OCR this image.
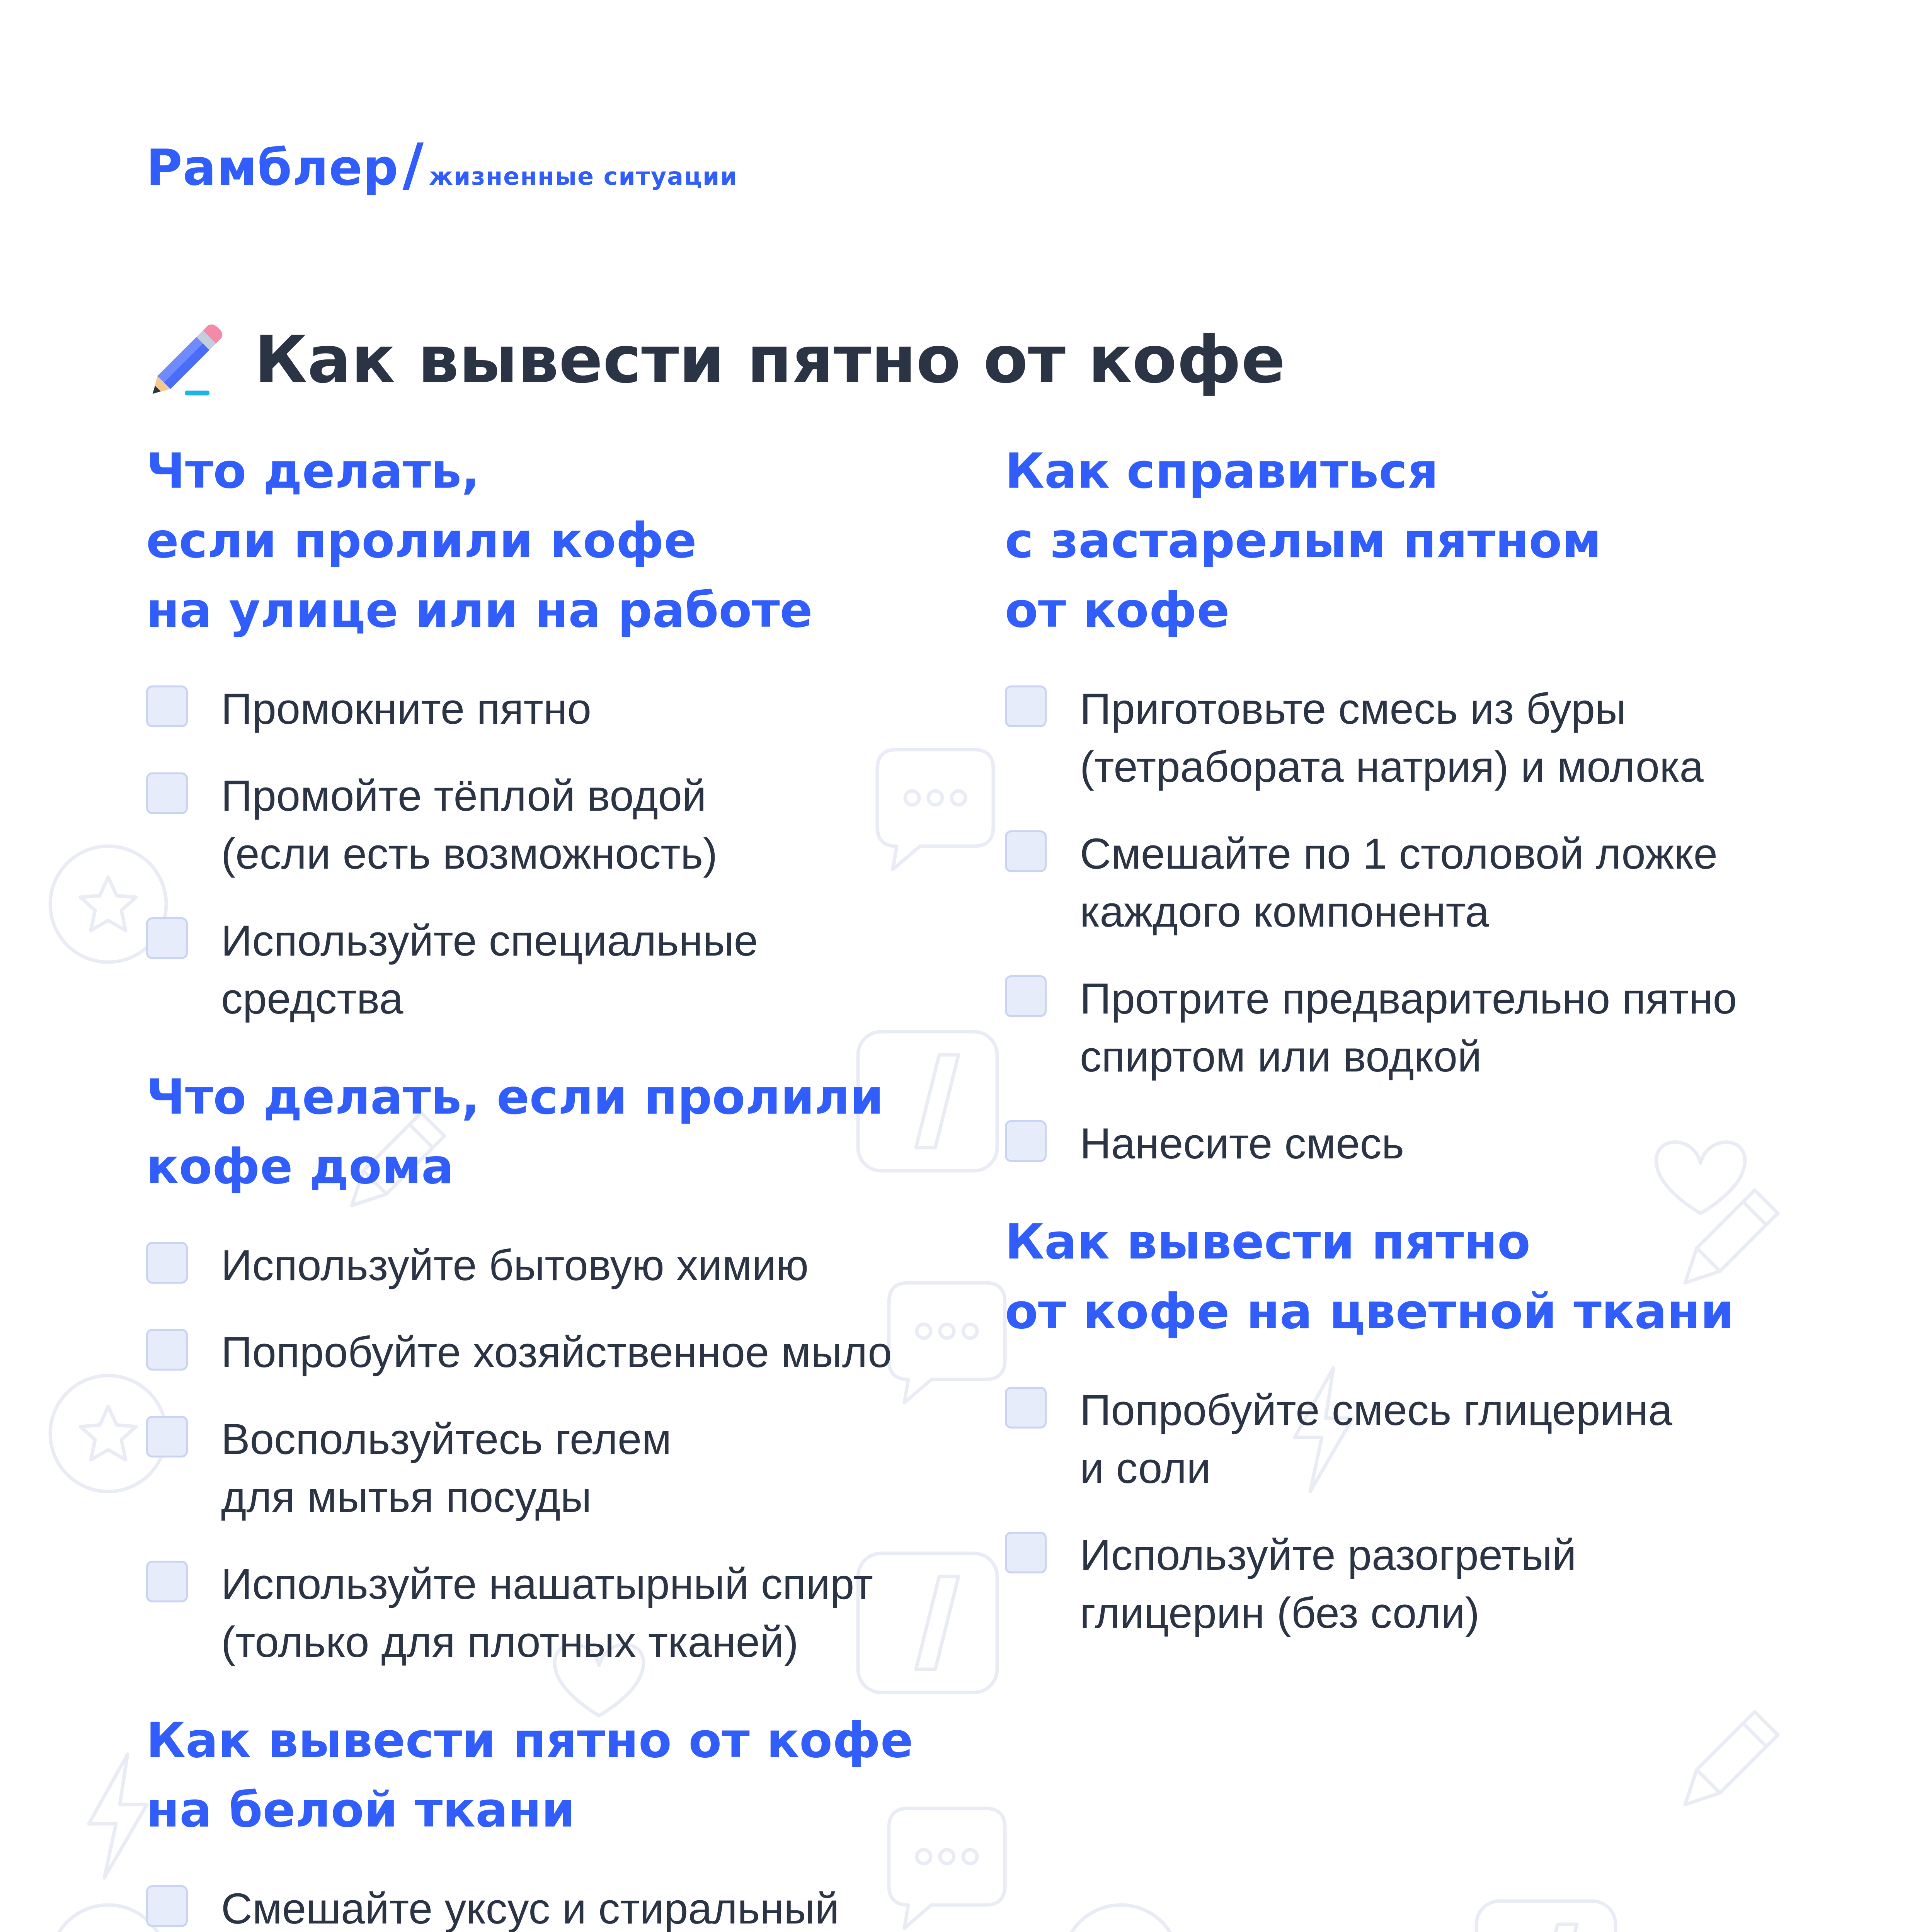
Рамблер / жизненные ситуации
Как вывести пятно от кофе
Что делать,
если пролили кофе
на улице или на работе
Промокните пятно
Промойте тёплой водой
(если есть возможность)
Используйте специальные
средства
Что делать, если пролили
кофе дома
Используйте бытовую химию
Попробуйте хозяйственное мыло
Воспользуйтесь гелем
для мытья посуды
Используйте нашатырный спирт
(только для плотных тканей)
Как вывести пятно от кофе
на белой ткани
Смешайте уксус и стиральный

Как справиться
с застарелым пятном
от кофе
Приготовьте смесь из буры
(тетрабората натрия) и молока
Смешайте по 1 столовой ложке
каждого компонента
Протрите предварительно пятно
спиртом или водкой
Нанесите смесь
Как вывести пятно
от кофе на цветной ткани
Попробуйте смесь глицерина
и соли
Используйте разогретый
глицерин (без соли)
